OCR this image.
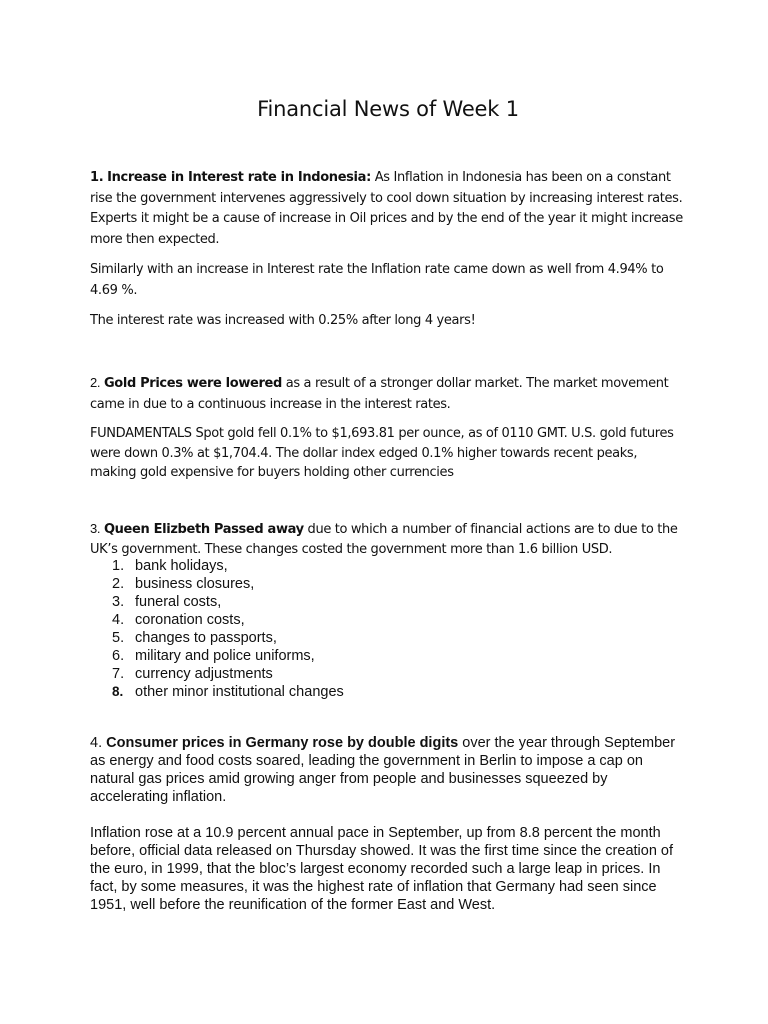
Financial News of Week 1

1. Increase in Interest rate in Indonesia: As Inflation in Indonesia has been on a constant rise the government intervenes aggressively to cool down situation by increasing interest rates. Experts it might be a cause of increase in Oil prices and by the end of the year it might increase more then expected.

Similarly with an increase in Interest rate the Inflation rate came down as well from 4.94% to 4.69 %.

The interest rate was increased with 0.25% after long 4 years!

2. Gold Prices were lowered as a result of a stronger dollar market. The market movement came in due to a continuous increase in the interest rates.

FUNDAMENTALS Spot gold fell 0.1% to $1,693.81 per ounce, as of 0110 GMT. U.S. gold futures were down 0.3% at $1,704.4. The dollar index edged 0.1% higher towards recent peaks, making gold expensive for buyers holding other currencies

3. Queen Elizbeth Passed away due to which a number of financial actions are to due to the UK’s government. These changes costed the government more than 1.6 billion USD.

1. bank holidays,
2. business closures,
3. funeral costs,
4. coronation costs,
5. changes to passports,
6. military and police uniforms,
7. currency adjustments
8. other minor institutional changes

4. Consumer prices in Germany rose by double digits over the year through September as energy and food costs soared, leading the government in Berlin to impose a cap on natural gas prices amid growing anger from people and businesses squeezed by accelerating inflation.

Inflation rose at a 10.9 percent annual pace in September, up from 8.8 percent the month before, official data released on Thursday showed. It was the first time since the creation of the euro, in 1999, that the bloc’s largest economy recorded such a large leap in prices. In fact, by some measures, it was the highest rate of inflation that Germany had seen since 1951, well before the reunification of the former East and West.
